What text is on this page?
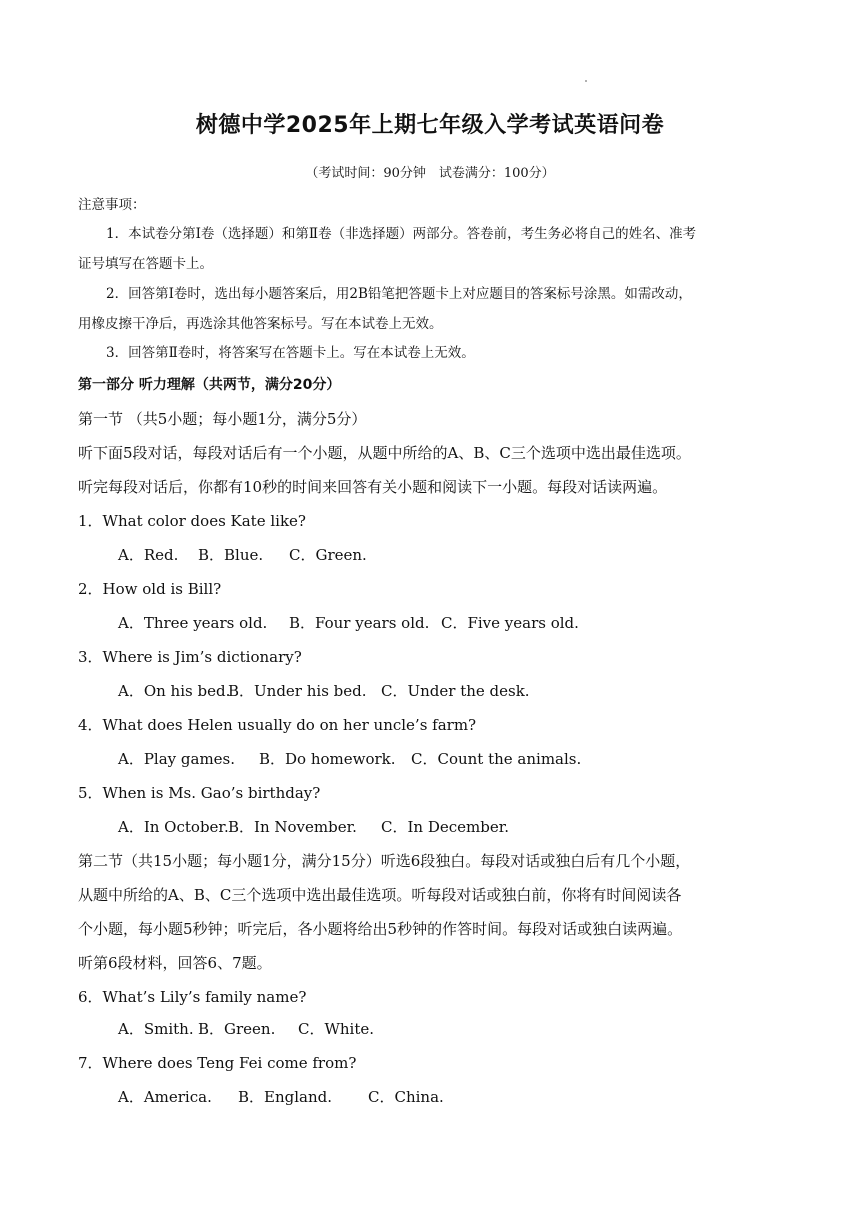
树德中学2025年上期七年级入学考试英语问卷
（考试时间：90分钟　试卷满分：100分）
注意事项：
1．本试卷分第Ⅰ卷（选择题）和第Ⅱ卷（非选择题）两部分。答卷前，考生务必将自己的姓名、准考
证号填写在答题卡上。
2．回答第Ⅰ卷时，选出每小题答案后，用2B铅笔把答题卡上对应题目的答案标号涂黑。如需改动，
用橡皮擦干净后，再选涂其他答案标号。写在本试卷上无效。
3．回答第Ⅱ卷时，将答案写在答题卡上。写在本试卷上无效。
第一部分 听力理解（共两节，满分20分）
第一节 （共5小题；每小题1分，满分5分）
听下面5段对话，每段对话后有一个小题，从题中所给的A、B、C三个选项中选出最佳选项。
听完每段对话后，你都有10秒的时间来回答有关小题和阅读下一小题。每段对话读两遍。
1．What color does Kate like?
A．Red. B．Blue. C．Green.
2．How old is Bill?
A．Three years old. B．Four years old. C．Five years old.
3．Where is Jim’s dictionary?
A．On his bed.
B．Under his bed. C．Under the desk.
4．What does Helen usually do on her uncle’s farm?
A．Play games. B．Do homework. C．Count the animals.
5．When is Ms. Gao’s birthday?
A．In October. B．In November. C．In December.
第二节（共15小题；每小题1分，满分15分）听选6段独白。每段对话或独白后有几个小题，
从题中所给的A、B、C三个选项中选出最佳选项。听每段对话或独白前，你将有时间阅读各
个小题，每小题5秒钟；听完后，各小题将给出5秒钟的作答时间。每段对话或独白读两遍。
听第6段材料，回答6、7题。
6．What’s Lily’s family name?
A．Smith. B．Green. C．White.
7．Where does Teng Fei come from?
A．America. B．England. C．China.
